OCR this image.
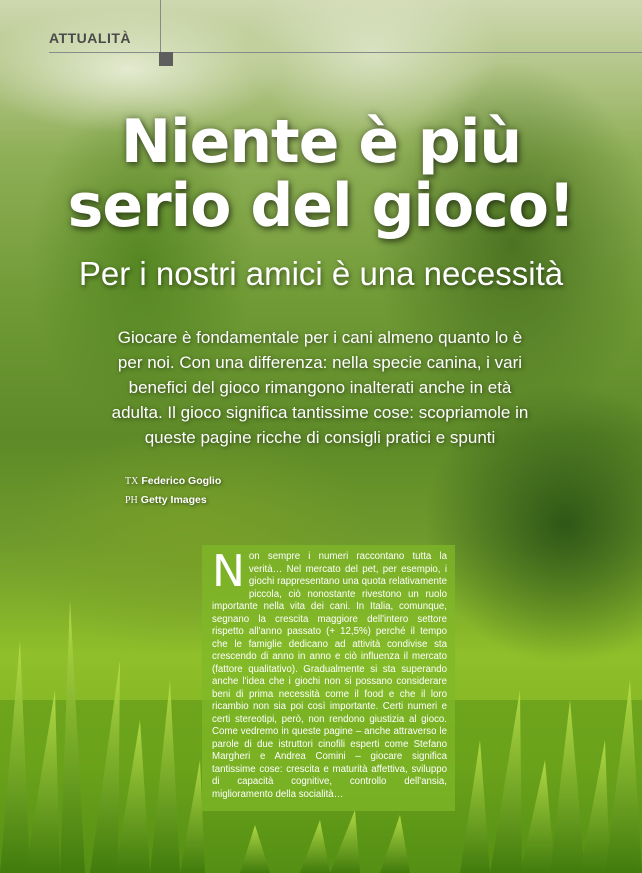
ATTUALITÀ
Niente è più
serio del gioco!
Per i nostri amici è una necessità
Giocare è fondamentale per i cani almeno quanto lo è per noi. Con una differenza: nella specie canina, i vari benefici del gioco rimangono inalterati anche in età adulta. Il gioco significa tantissime cose: scopriamole in queste pagine ricche di consigli pratici e spunti
TX Federico Goglio
PH Getty Images

Non sempre i numeri raccontano tutta la verità… Nel mercato del pet, per esempio, i giochi rappresentano una quota relativamente piccola, ciò nonostante rivestono un ruolo importante nella vita dei cani. In Italia, comunque, segnano la crescita maggiore dell'intero settore rispetto all'anno passato (+ 12,5%) perché il tempo che le famiglie dedicano ad attività condivise sta crescendo di anno in anno e ciò influenza il mercato (fattore qualitativo). Gradualmente si sta superando anche l'idea che i giochi non si possano considerare beni di prima necessità come il food e che il loro ricambio non sia poi così importante. Certi numeri e certi stereotipi, però, non rendono giustizia al gioco. Come vedremo in queste pagine – anche attraverso le parole di due istruttori cinofili esperti come Stefano Margheri e Andrea Comini – giocare significa tantissime cose: crescita e maturità affettiva, sviluppo di capacità cognitive, controllo dell'ansia, miglioramento della socialità…
